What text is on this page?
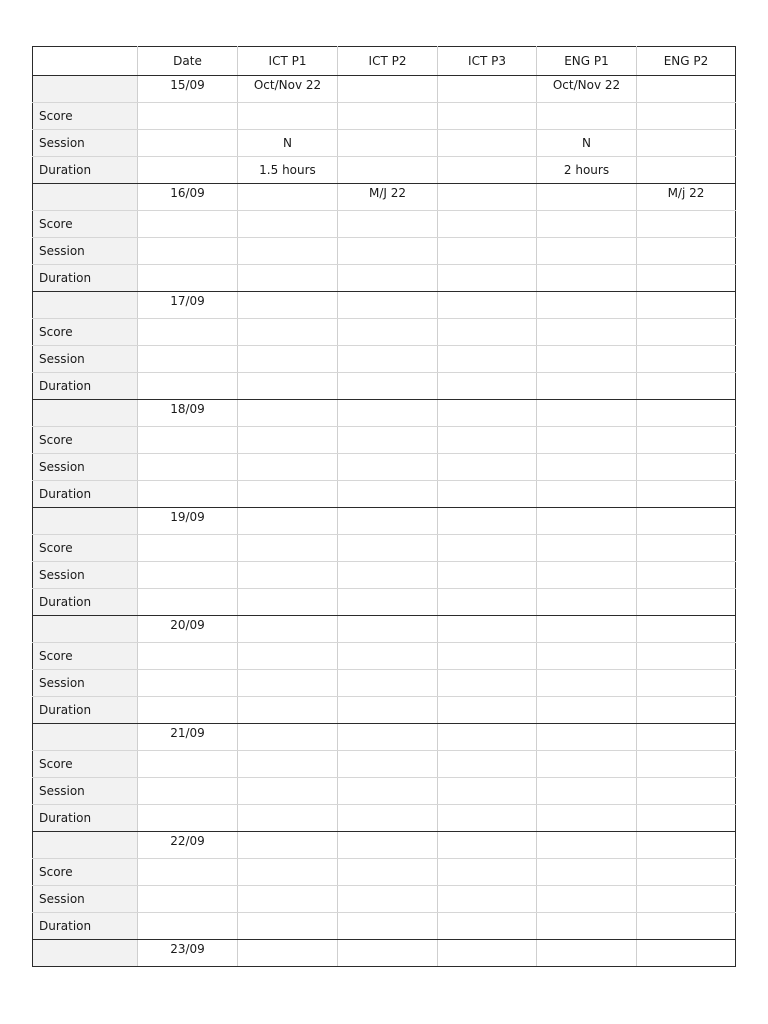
	Date	ICT P1	ICT P2	ICT P3	ENG P1	ENG P2
	15/09	Oct/Nov 22			Oct/Nov 22	
Score						
Session		N			N	
Duration		1.5 hours			2 hours	
	16/09		M/J 22			M/j 22
Score						
Session						
Duration						
	17/09					
Score						
Session						
Duration						
	18/09					
Score						
Session						
Duration						
	19/09					
Score						
Session						
Duration						
	20/09					
Score						
Session						
Duration						
	21/09					
Score						
Session						
Duration						
	22/09					
Score						
Session						
Duration						
	23/09					
